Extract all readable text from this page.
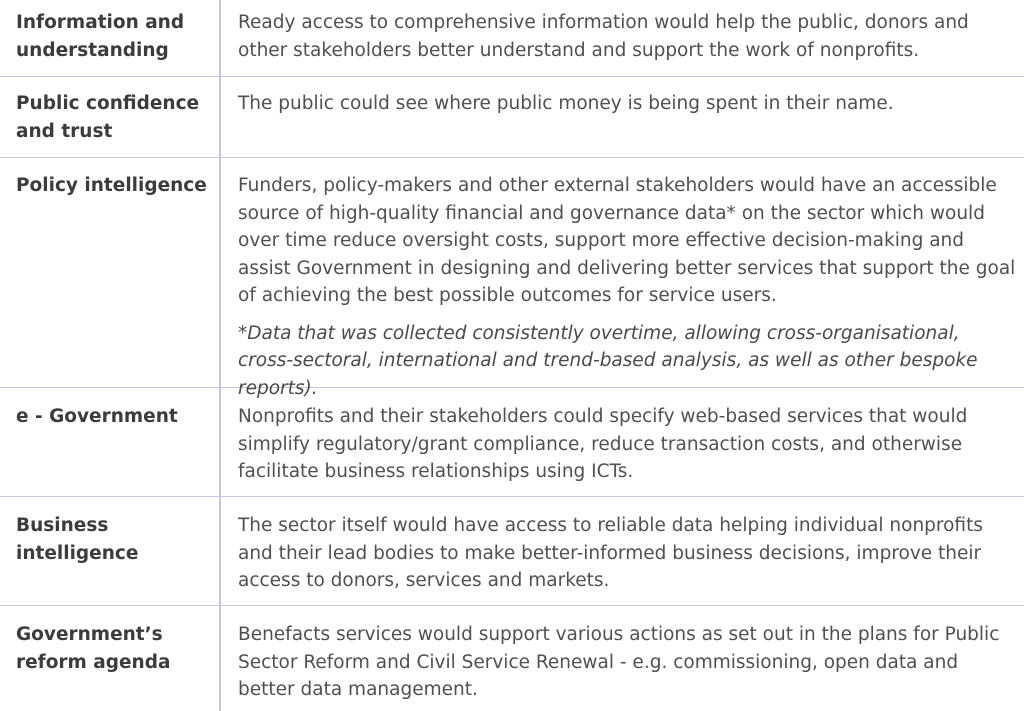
Information and understanding
Ready access to comprehensive information would help the public, donors and other stakeholders better understand and support the work of nonprofits.
Public confidence and trust
The public could see where public money is being spent in their name.
Policy intelligence Funders, policy-makers and other external stakeholders would have an accessible source of high-quality financial and governance data* on the sector which would over time reduce oversight costs, support more effective decision-making and assist Government in designing and delivering better services that support the goal of achieving the best possible outcomes for service users.
*Data that was collected consistently overtime, allowing cross-organisational, cross-sectoral, international and trend-based analysis, as well as other bespoke reports).
e - Government	Nonprofits and their stakeholders could specify web-based services that would simplify regulatory/grant compliance, reduce transaction costs, and otherwise facilitate business relationships using ICTs.
Business intelligence
The sector itself would have access to reliable data helping individual nonprofits and their lead bodies to make better-informed business decisions, improve their access to donors, services and markets.
Government’s reform agenda
Benefacts services would support various actions as set out in the plans for Public Sector Reform and Civil Service Renewal - e.g. commissioning, open data and better data management.
